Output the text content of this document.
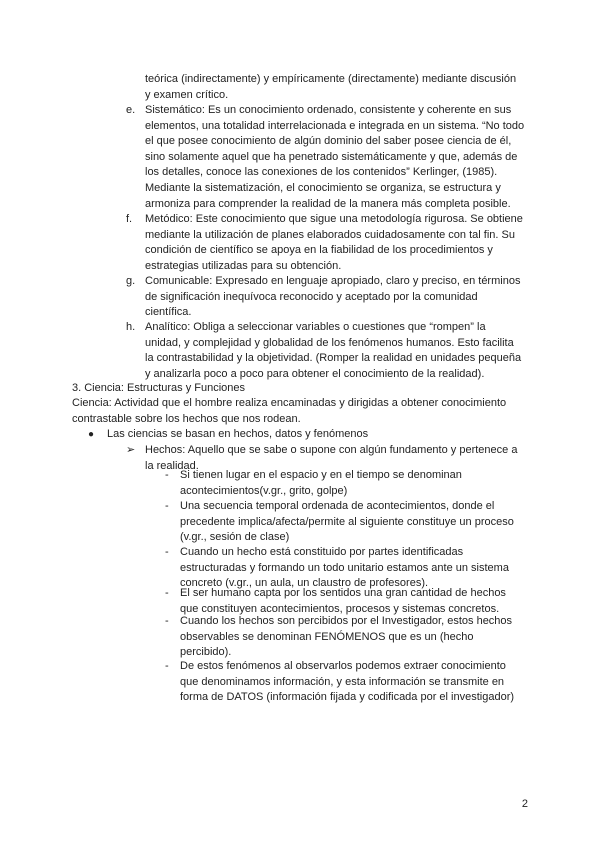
teórica (indirectamente) y empíricamente (directamente) mediante discusión
y examen crítico.
e. Sistemático: Es un conocimiento ordenado, consistente y coherente en sus
elementos, una totalidad interrelacionada e integrada en un sistema. “No todo
el que posee conocimiento de algún dominio del saber posee ciencia de él,
sino solamente aquel que ha penetrado sistemáticamente y que, además de
los detalles, conoce las conexiones de los contenidos” Kerlinger, (1985).
Mediante la sistematización, el conocimiento se organiza, se estructura y
armoniza para comprender la realidad de la manera más completa posible.
f. Metódico: Este conocimiento que sigue una metodología rigurosa. Se obtiene
mediante la utilización de planes elaborados cuidadosamente con tal fin. Su
condición de científico se apoya en la fiabilidad de los procedimientos y
estrategias utilizadas para su obtención.
g. Comunicable: Expresado en lenguaje apropiado, claro y preciso, en términos
de significación inequívoca reconocido y aceptado por la comunidad
científica.
h. Analítico: Obliga a seleccionar variables o cuestiones que “rompen” la
unidad, y complejidad y globalidad de los fenómenos humanos. Esto facilita
la contrastabilidad y la objetividad. (Romper la realidad en unidades pequeña
y analizarla poco a poco para obtener el conocimiento de la realidad).
3. Ciencia: Estructuras y Funciones
Ciencia: Actividad que el hombre realiza encaminadas y dirigidas a obtener conocimiento
contrastable sobre los hechos que nos rodean.
● Las ciencias se basan en hechos, datos y fenómenos
➢ Hechos: Aquello que se sabe o supone con algún fundamento y pertenece a
la realidad.
- Si tienen lugar en el espacio y en el tiempo se denominan
acontecimientos(v.gr., grito, golpe)
- Una secuencia temporal ordenada de acontecimientos, donde el
precedente implica/afecta/permite al siguiente constituye un proceso
(v.gr., sesión de clase)
- Cuando un hecho está constituido por partes identificadas
estructuradas y formando un todo unitario estamos ante un sistema
concreto (v.gr., un aula, un claustro de profesores).
- El ser humano capta por los sentidos una gran cantidad de hechos
que constituyen acontecimientos, procesos y sistemas concretos.
- Cuando los hechos son percibidos por el Investigador, estos hechos
observables se denominan FENÓMENOS que es un (hecho
percibido).
- De estos fenómenos al observarlos podemos extraer conocimiento
que denominamos información, y esta información se transmite en
forma de DATOS (información fijada y codificada por el investigador)
2
